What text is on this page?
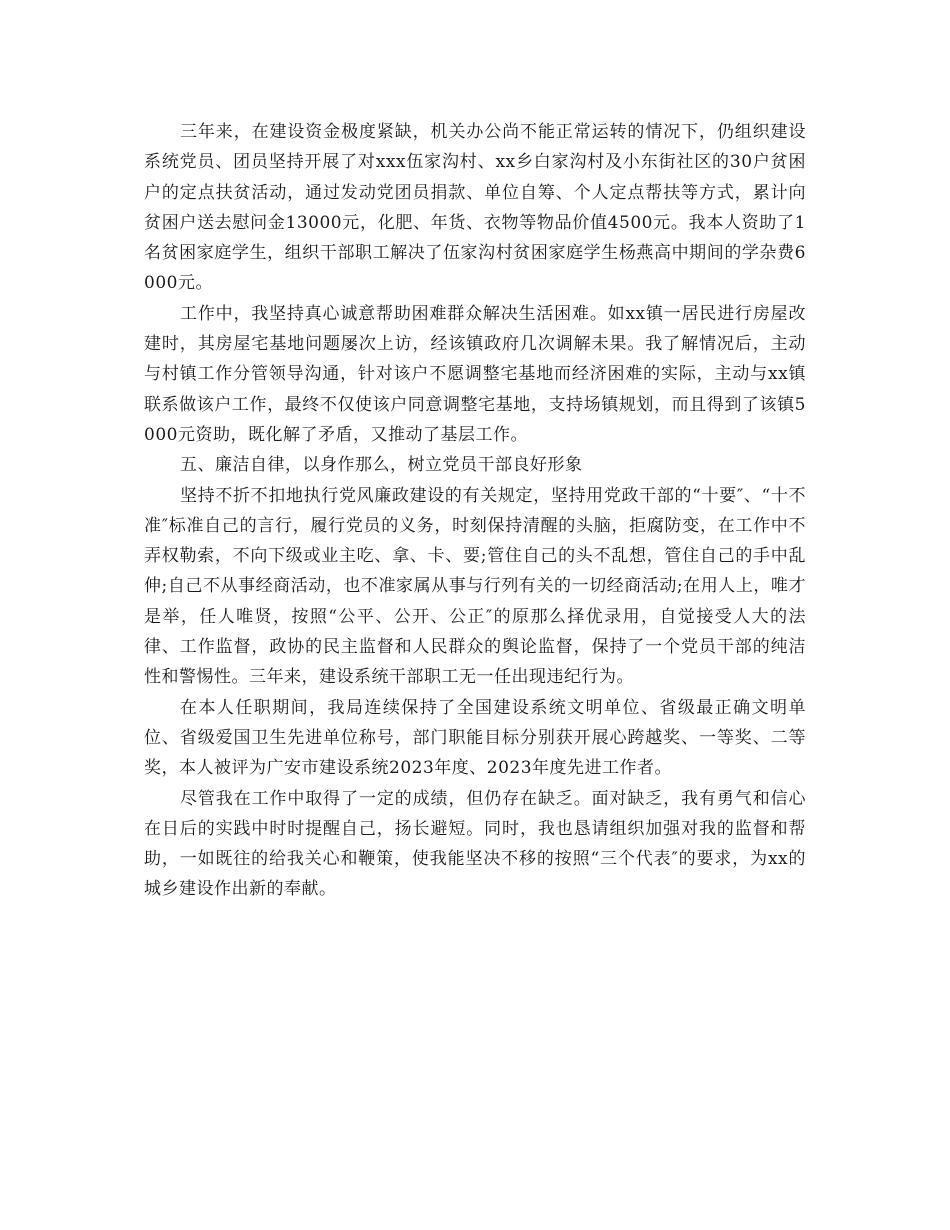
三年来，在建设资金极度紧缺，机关办公尚不能正常运转的情况下，仍组织建设系统党员、团员坚持开展了对xxx伍家沟村、xx乡白家沟村及小东街社区的30户贫困户的定点扶贫活动，通过发动党团员捐款、单位自筹、个人定点帮扶等方式，累计向贫困户送去慰问金13000元，化肥、年货、衣物等物品价值4500元。我本人资助了1名贫困家庭学生，组织干部职工解决了伍家沟村贫困家庭学生杨燕高中期间的学杂费6000元。

工作中，我坚持真心诚意帮助困难群众解决生活困难。如xx镇一居民进行房屋改建时，其房屋宅基地问题屡次上访，经该镇政府几次调解未果。我了解情况后，主动与村镇工作分管领导沟通，针对该户不愿调整宅基地而经济困难的实际，主动与xx镇联系做该户工作，最终不仅使该户同意调整宅基地，支持场镇规划，而且得到了该镇5000元资助，既化解了矛盾，又推动了基层工作。

五、廉洁自律，以身作那么，树立党员干部良好形象

坚持不折不扣地执行党风廉政建设的有关规定，坚持用党政干部的“十要″、“十不准″标准自己的言行，履行党员的义务，时刻保持清醒的头脑，拒腐防变，在工作中不弄权勒索，不向下级或业主吃、拿、卡、要;管住自己的头不乱想，管住自己的手中乱伸;自己不从事经商活动，也不准家属从事与行列有关的一切经商活动;在用人上，唯才是举，任人唯贤，按照“公平、公开、公正″的原那么择优录用，自觉接受人大的法律、工作监督，政协的民主监督和人民群众的舆论监督，保持了一个党员干部的纯洁性和警惕性。三年来，建设系统干部职工无一任出现违纪行为。

在本人任职期间，我局连续保持了全国建设系统文明单位、省级最正确文明单位、省级爱国卫生先进单位称号，部门职能目标分别获开展心跨越奖、一等奖、二等奖，本人被评为广安市建设系统2023年度、2023年度先进工作者。

尽管我在工作中取得了一定的成绩，但仍存在缺乏。面对缺乏，我有勇气和信心在日后的实践中时时提醒自己，扬长避短。同时，我也恳请组织加强对我的监督和帮助，一如既往的给我关心和鞭策，使我能坚决不移的按照“三个代表″的要求，为xx的城乡建设作出新的奉献。
